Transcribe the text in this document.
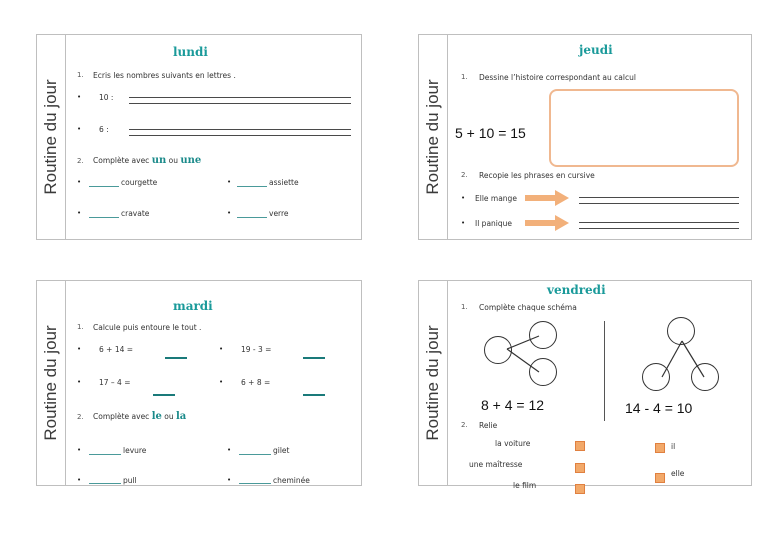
Routine du jour
lundi
1. Ecris les nombres suivants en lettres .
• 10 :
• 6 :
2. Complète avec un ou une
•	courgette	•	assiette
•	cravate	•	verre
Routine du jour
jeudi
1. Dessine l’histoire correspondant au calcul
5 + 10 = 15
2. Recopie les phrases en cursive
• Elle mange
• Il panique
Routine du jour
mardi
1. Calcule puis entoure le tout .
• 6 + 14 =	• 19 - 3 =
• 17 – 4 =	• 6 + 8 =
2. Complète avec le ou la
•	levure	•	gilet
•	pull	•	cheminée
Routine du jour
vendredi
1. Complète chaque schéma
8 + 4 = 12	14 - 4 = 10
2. Relie
la voiture
une maîtresse
le film
il
elle
